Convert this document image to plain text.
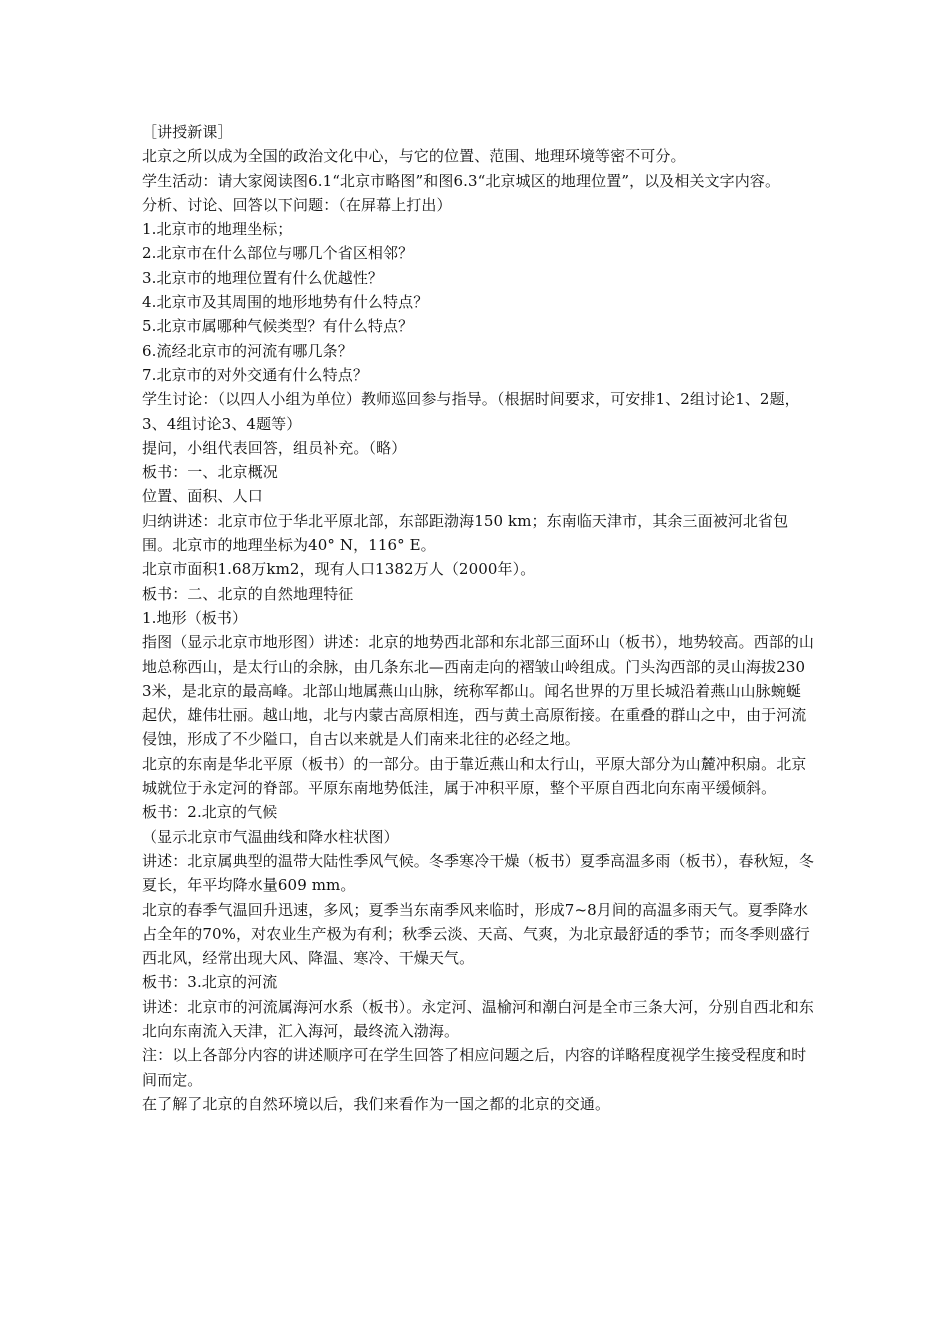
［讲授新课］

北京之所以成为全国的政治文化中心，与它的位置、范围、地理环境等密不可分。

学生活动：请大家阅读图6.1“北京市略图”和图6.3“北京城区的地理位置”，以及相关文字内容。

分析、讨论、回答以下问题：（在屏幕上打出）

1.北京市的地理坐标；

2.北京市在什么部位与哪几个省区相邻？

3.北京市的地理位置有什么优越性？

4.北京市及其周围的地形地势有什么特点？

5.北京市属哪种气候类型？有什么特点？

6.流经北京市的河流有哪几条？

7.北京市的对外交通有什么特点？

学生讨论：（以四人小组为单位）教师巡回参与指导。（根据时间要求，可安排1、2组讨论1、2题，3、4组讨论3、4题等）

提问，小组代表回答，组员补充。（略）

板书：一、北京概况

位置、面积、人口

归纳讲述：北京市位于华北平原北部，东部距渤海150 km；东南临天津市，其余三面被河北省包围。北京市的地理坐标为40° N，116° E。

北京市面积1.68万km2，现有人口1382万人（2000年）。

板书：二、北京的自然地理特征

1.地形（板书）

指图（显示北京市地形图）讲述：北京的地势西北部和东北部三面环山（板书），地势较高。西部的山地总称西山，是太行山的余脉，由几条东北—西南走向的褶皱山岭组成。门头沟西部的灵山海拔2303米，是北京的最高峰。北部山地属燕山山脉，统称军都山。闻名世界的万里长城沿着燕山山脉蜿蜒起伏，雄伟壮丽。越山地，北与内蒙古高原相连，西与黄土高原衔接。在重叠的群山之中，由于河流侵蚀，形成了不少隘口，自古以来就是人们南来北往的必经之地。

北京的东南是华北平原（板书）的一部分。由于靠近燕山和太行山，平原大部分为山麓冲积扇。北京城就位于永定河的脊部。平原东南地势低洼，属于冲积平原，整个平原自西北向东南平缓倾斜。

板书：2.北京的气候

（显示北京市气温曲线和降水柱状图）

讲述：北京属典型的温带大陆性季风气候。冬季寒冷干燥（板书）夏季高温多雨（板书），春秋短，冬夏长，年平均降水量609 mm。

北京的春季气温回升迅速，多风；夏季当东南季风来临时，形成7~8月间的高温多雨天气。夏季降水占全年的70%，对农业生产极为有利；秋季云淡、天高、气爽，为北京最舒适的季节；而冬季则盛行西北风，经常出现大风、降温、寒冷、干燥天气。

板书：3.北京的河流

讲述：北京市的河流属海河水系（板书）。永定河、温榆河和潮白河是全市三条大河，分别自西北和东北向东南流入天津，汇入海河，最终流入渤海。

注：以上各部分内容的讲述顺序可在学生回答了相应问题之后，内容的详略程度视学生接受程度和时间而定。

在了解了北京的自然环境以后，我们来看作为一国之都的北京的交通。
